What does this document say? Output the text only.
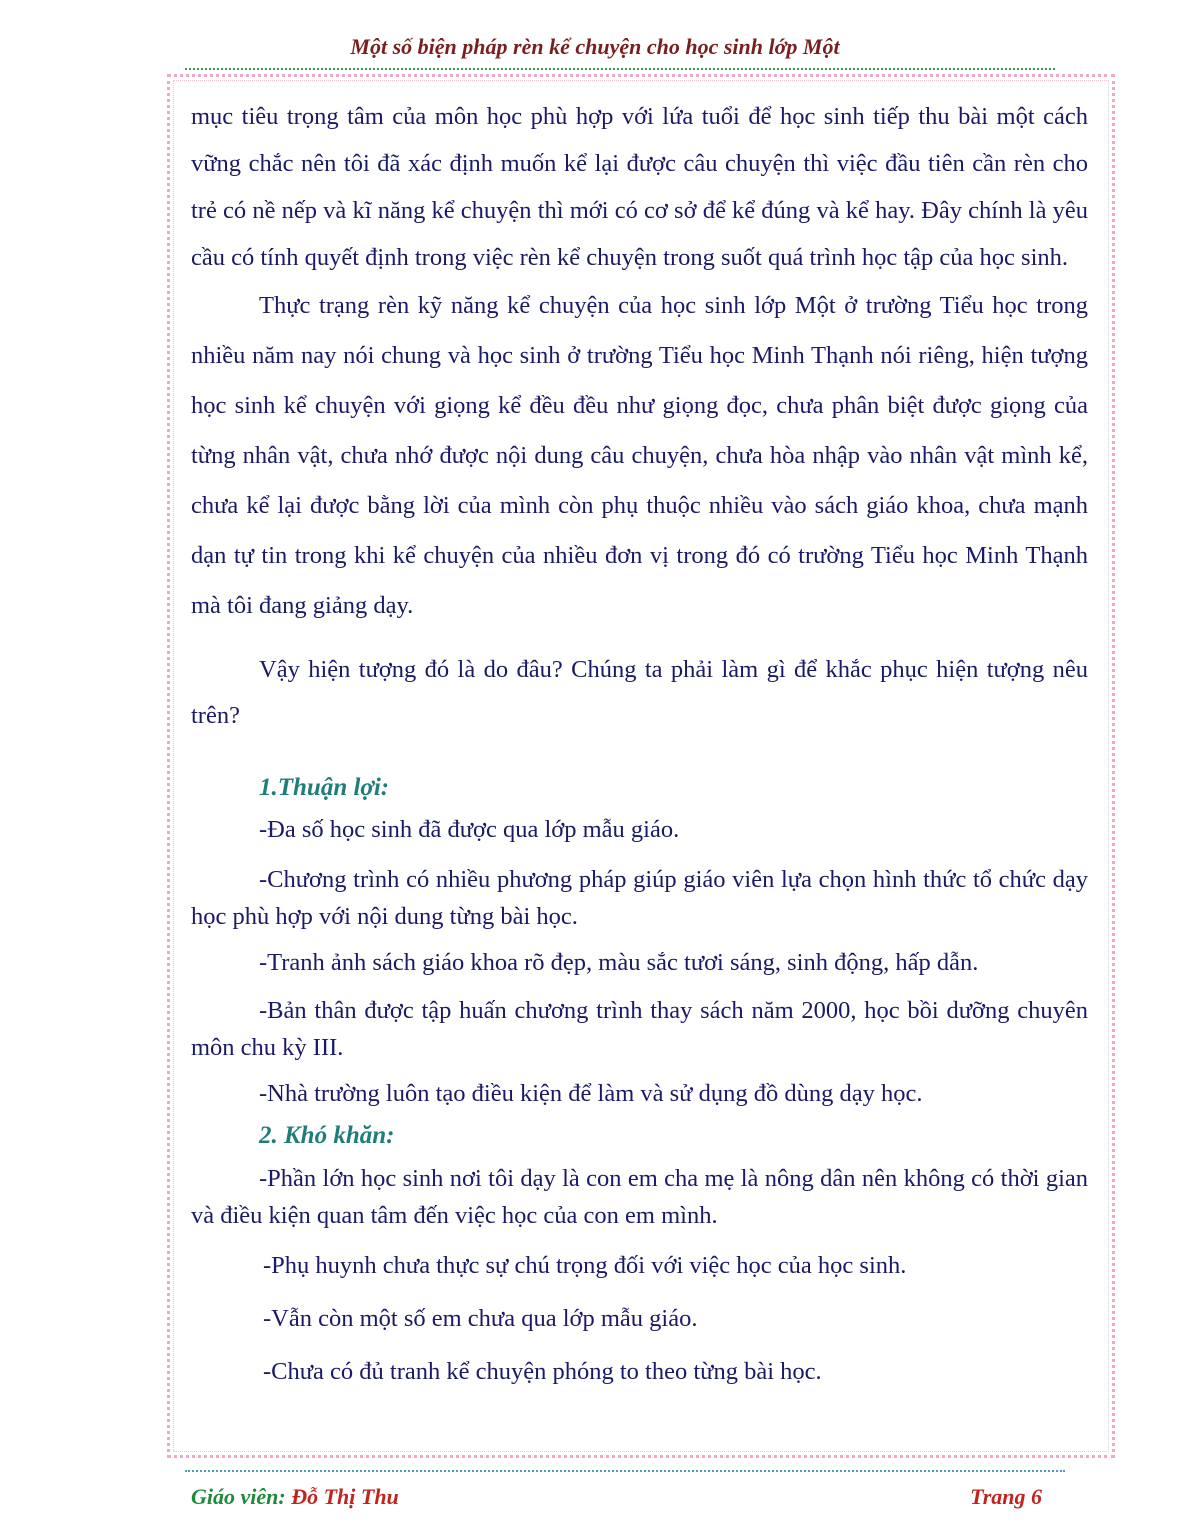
Một số biện pháp rèn kể chuyện cho học sinh lớp Một

mục tiêu trọng tâm của môn học phù hợp với lứa tuổi để học sinh tiếp thu bài một cách vững chắc nên tôi đã xác định muốn kể lại được câu chuyện thì việc đầu tiên cần rèn cho trẻ có nề nếp và kĩ năng kể chuyện thì mới có cơ sở để kể đúng và kể hay. Đây chính là yêu cầu có tính quyết định trong việc rèn kể chuyện trong suốt quá trình học tập của học sinh.

Thực trạng rèn kỹ năng kể chuyện của học sinh lớp Một ở trường Tiểu học trong nhiều năm nay nói chung và học sinh ở trường Tiểu học Minh Thạnh nói riêng, hiện tượng học sinh kể chuyện với giọng kể đều đều như giọng đọc, chưa phân biệt được giọng của từng nhân vật, chưa nhớ được nội dung câu chuyện, chưa hòa nhập vào nhân vật mình kể, chưa kể lại được bằng lời của mình còn phụ thuộc nhiều vào sách giáo khoa, chưa mạnh dạn tự tin trong khi kể chuyện của nhiều đơn vị trong đó có trường Tiểu học Minh Thạnh mà tôi đang giảng dạy.

Vậy hiện tượng đó là do đâu? Chúng ta phải làm gì để khắc phục hiện tượng nêu trên?

1.Thuận lợi:

-Đa số học sinh đã được qua lớp mẫu giáo.

-Chương trình có nhiều phương pháp giúp giáo viên lựa chọn hình thức tổ chức dạy học phù hợp với nội dung từng bài học.

-Tranh ảnh sách giáo khoa rõ đẹp, màu sắc tươi sáng, sinh động, hấp dẫn.

-Bản thân được tập huấn chương trình thay sách năm 2000, học bồi dưỡng chuyên môn chu kỳ III.

-Nhà trường luôn tạo điều kiện để làm và sử dụng đồ dùng dạy học.

2. Khó khăn:

-Phần lớn học sinh nơi tôi dạy là con em cha mẹ là nông dân nên không có thời gian và điều kiện quan tâm đến việc học của con em mình.

-Phụ huynh chưa thực sự chú trọng đối với việc học của học sinh.

-Vẫn còn một số em chưa qua lớp mẫu giáo.

-Chưa có đủ tranh kể chuyện phóng to theo từng bài học.

Giáo viên: Đỗ Thị Thu	Trang 6
